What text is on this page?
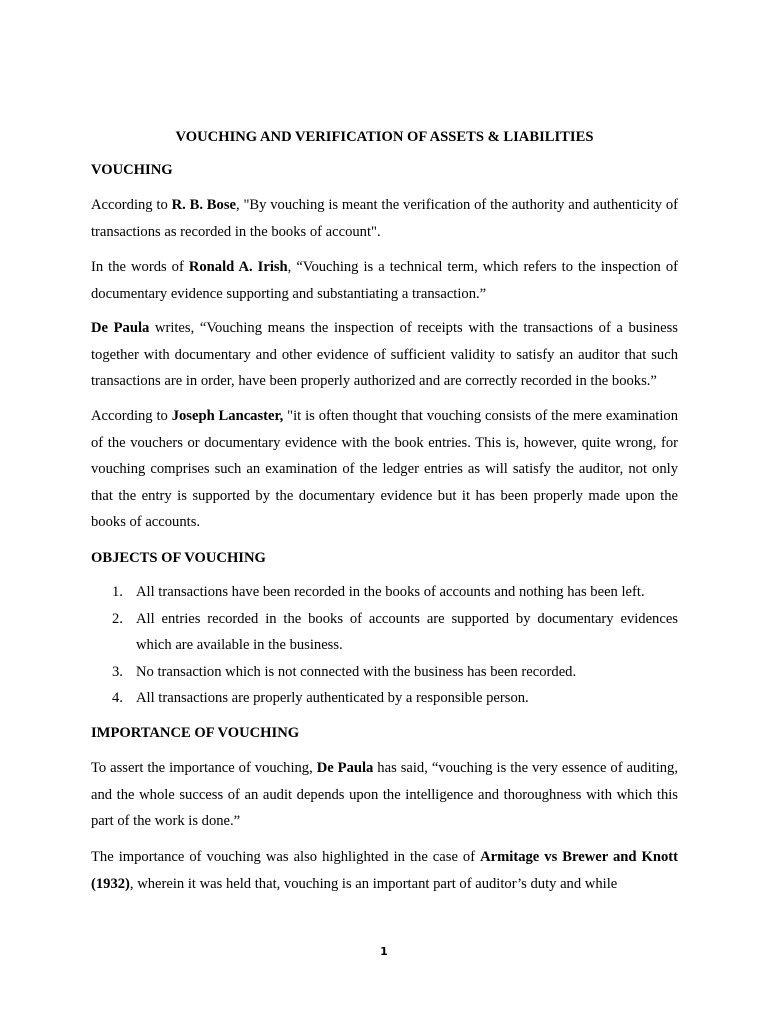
VOUCHING AND VERIFICATION OF ASSETS & LIABILITIES
VOUCHING

According to R. B. Bose, "By vouching is meant the verification of the authority and authenticity of transactions as recorded in the books of account".

In the words of Ronald A. Irish, “Vouching is a technical term, which refers to the inspection of documentary evidence supporting and substantiating a transaction.”

De Paula writes, “Vouching means the inspection of receipts with the transactions of a business together with documentary and other evidence of sufficient validity to satisfy an auditor that such transactions are in order, have been properly authorized and are correctly recorded in the books.”

According to Joseph Lancaster, "it is often thought that vouching consists of the mere examination of the vouchers or documentary evidence with the book entries. This is, however, quite wrong, for vouching comprises such an examination of the ledger entries as will satisfy the auditor, not only that the entry is supported by the documentary evidence but it has been properly made upon the books of accounts.

OBJECTS OF VOUCHING
1. All transactions have been recorded in the books of accounts and nothing has been left.
2. All entries recorded in the books of accounts are supported by documentary evidences which are available in the business.
3. No transaction which is not connected with the business has been recorded.
4. All transactions are properly authenticated by a responsible person.
IMPORTANCE OF VOUCHING

To assert the importance of vouching, De Paula has said, “vouching is the very essence of auditing, and the whole success of an audit depends upon the intelligence and thoroughness with which this part of the work is done.”

The importance of vouching was also highlighted in the case of Armitage vs Brewer and Knott (1932), wherein it was held that, vouching is an important part of auditor’s duty and while

1
